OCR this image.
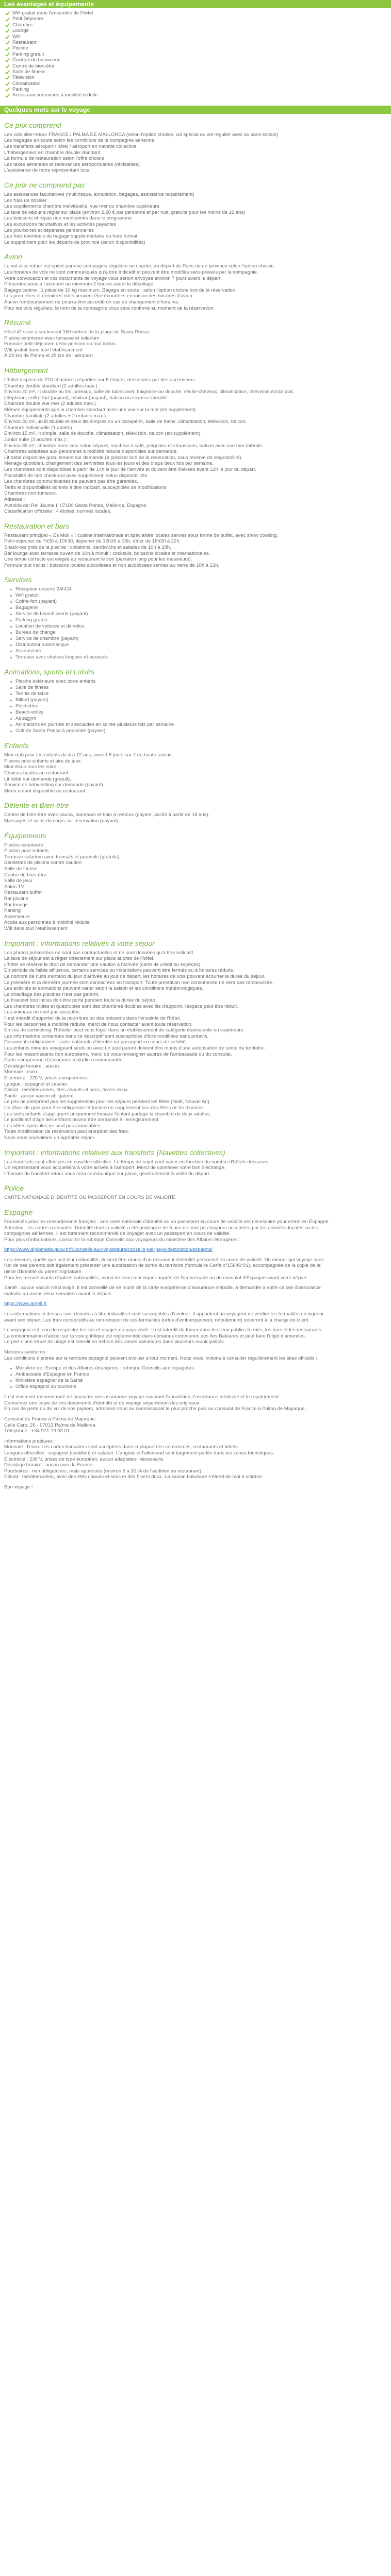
Les avantages et équipements
Wifi gratuit dans l'ensemble de l'hôtel
Petit Déjeuner
Chambre
Lounge
Wifi
Restaurant
Piscine
Parking gratuit
Cocktail de bienvenue
Centre de bien-être
Salle de fitness
Télévision
Climatisation
Parking
Accès aux personnes à mobilité réduite
Quelques mots sur le voyage
Ce prix comprend
Les vols aller-retour FRANCE / PALMA DE MALLORCA (selon l'option choisie, vol spécial ou vol régulier avec ou sans escale)
Les bagages en soute selon les conditions de la compagnie aérienne
Les transferts aéroport / hôtel / aéroport en navette collective
L'hébergement en chambre double standard
La formule de restauration selon l'offre choisie
Les taxes aériennes et redevances aéroportuaires (révisables)
L'assistance de notre représentant local
Ce prix ne comprend pas
Les assurances facultatives (multirisque, annulation, bagages, assistance rapatriement)
Les frais de dossier
Les suppléments chambre individuelle, vue mer ou chambre supérieure
La taxe de séjour à régler sur place (environ 2,20 € par personne et par nuit, gratuite pour les moins de 16 ans)
Les boissons et repas non mentionnés dans le programme
Les excursions facultatives et les activités payantes
Les pourboires et dépenses personnelles
Les frais éventuels de bagage supplémentaire ou hors format
Le supplément pour les départs de province (selon disponibilités)
Avion
Le vol aller-retour est opéré par une compagnie régulière ou charter, au départ de Paris ou de province selon l'option choisie.
Les horaires de vols ne sont communiqués qu'à titre indicatif et peuvent être modifiés sans préavis par la compagnie.
Votre convocation et vos documents de voyage vous seront envoyés environ 7 jours avant le départ.
Présentez-vous à l'aéroport au minimum 2 heures avant le décollage.
Bagage cabine : 1 pièce de 10 kg maximum. Bagage en soute : selon l'option choisie lors de la réservation.
Les premières et dernières nuits peuvent être écourtées en raison des horaires d'avion.
Aucun remboursement ne pourra être accordé en cas de changement d'horaires.
Pour les vols réguliers, le nom de la compagnie vous sera confirmé au moment de la réservation.
Résumé
Hôtel 4* situé à seulement 150 mètres de la plage de Santa Ponsa
Piscine extérieure avec terrasse et solarium
Formule petit-déjeuner, demi-pension ou tout inclus
Wifi gratuit dans tout l'établissement
À 20 km de Palma et 25 km de l'aéroport
Hébergement
L'hôtel dispose de 210 chambres réparties sur 5 étages, desservies par des ascenseurs.
Chambre double standard (2 adultes max.) :
Environ 20 m², lit double ou lits jumeaux, salle de bains avec baignoire ou douche, sèche-cheveux, climatisation, télévision écran plat,
téléphone, coffre-fort (payant), minibar (payant), balcon ou terrasse meublé.
Chambre double vue mer (2 adultes max.) :
Mêmes équipements que la chambre standard avec une vue sur la mer (en supplément).
Chambre familiale (2 adultes + 2 enfants max.) :
Environ 30 m², un lit double et deux lits simples ou un canapé-lit, salle de bains, climatisation, télévision, balcon.
Chambre individuelle (1 adulte) :
Environ 15 m², lit simple, salle de douche, climatisation, télévision, balcon (en supplément).
Junior suite (3 adultes max.) :
Environ 35 m², chambre avec coin salon séparé, machine à café, peignoirs et chaussons, balcon avec vue mer latérale.
Chambres adaptées aux personnes à mobilité réduite disponibles sur demande.
Lit bébé disponible gratuitement sur demande (à préciser lors de la réservation, sous réserve de disponibilité).
Ménage quotidien, changement des serviettes tous les jours et des draps deux fois par semaine.
Les chambres sont disponibles à partir de 14h le jour de l'arrivée et doivent être libérées avant 12h le jour du départ.
Possibilité de late check-out avec supplément, selon disponibilités.
Les chambres communicantes ne peuvent pas être garanties.
Tarifs et disponibilités donnés à titre indicatif, susceptibles de modifications.
Chambres non-fumeurs.
Adresse :
Avenida del Rei Jaume I, 07180 Santa Ponsa, Mallorca, Espagne
Classification officielle : 4 étoiles, normes locales.
Restauration et bars
Restaurant principal « Es Moli » : cuisine internationale et spécialités locales servies sous forme de buffet, avec show cooking.
Petit-déjeuner de 7h30 à 10h30, déjeuner de 12h30 à 15h, dîner de 18h30 à 22h.
Snack-bar près de la piscine : collations, sandwichs et salades de 10h à 18h.
Bar lounge avec terrasse ouvert de 10h à minuit : cocktails, boissons locales et internationales.
Une tenue correcte est exigée au restaurant le soir (pantalon long pour les messieurs).
Formule tout inclus : boissons locales alcoolisées et non alcoolisées servies au verre de 10h à 23h.
Services
Réception ouverte 24h/24
Wifi gratuit
Coffre-fort (payant)
Bagagerie
Service de blanchisserie (payant)
Parking gratuit
Location de voitures et de vélos
Bureau de change
Service de chambre (payant)
Distributeur automatique
Ascenseurs
Terrasse avec chaises longues et parasols
Animations, sports et Loisirs
Piscine extérieure avec zone enfants
Salle de fitness
Tennis de table
Billard (payant)
Fléchettes
Beach-volley
Aquagym
Animations en journée et spectacles en soirée plusieurs fois par semaine
Golf de Santa Ponsa à proximité (payant)
Enfants
Mini-club pour les enfants de 4 à 12 ans, ouvert 6 jours sur 7 en haute saison.
Piscine pour enfants et aire de jeux.
Mini-disco tous les soirs.
Chaises hautes au restaurant.
Lit bébé sur demande (gratuit).
Service de baby-sitting sur demande (payant).
Menu enfant disponible au restaurant.
Détente et Bien-être
Centre de bien-être avec sauna, hammam et bain à remous (payant, accès à partir de 16 ans).
Massages et soins du corps sur réservation (payant).
Équipements
Piscine extérieure
Piscine pour enfants
Terrasse solarium avec transats et parasols (gratuits)
Serviettes de piscine contre caution
Salle de fitness
Centre de bien-être
Salle de jeux
Salon TV
Restaurant buffet
Bar piscine
Bar lounge
Parking
Ascenseurs
Accès aux personnes à mobilité réduite
Wifi dans tout l'établissement
Important : informations relatives à votre séjour
Les photos présentées ne sont pas contractuelles et ne sont données qu'à titre indicatif.
La taxe de séjour est à régler directement sur place auprès de l'hôtel.
L'hôtel se réserve le droit de demander une caution à l'arrivée (carte de crédit ou espèces).
En période de faible affluence, certains services ou installations peuvent être fermés ou à horaires réduits.
Le nombre de nuits s'entend du jour d'arrivée au jour de départ, les horaires de vols pouvant écourter la durée du séjour.
La première et la dernière journée sont consacrées au transport. Toute prestation non consommée ne sera pas remboursée.
Les activités et animations peuvent varier selon la saison et les conditions météorologiques.
Le chauffage des piscines n'est pas garanti.
Le bracelet tout inclus doit être porté pendant toute la durée du séjour.
Les chambres triples et quadruples sont des chambres doubles avec lits d'appoint, l'espace peut être réduit.
Les animaux ne sont pas acceptés.
Il est interdit d'apporter de la nourriture ou des boissons dans l'enceinte de l'hôtel.
Pour les personnes à mobilité réduite, merci de nous contacter avant toute réservation.
En cas de surbooking, l'hôtelier peut vous loger dans un établissement de catégorie équivalente ou supérieure.
Les informations contenues dans ce descriptif sont susceptibles d'être modifiées sans préavis.
Documents obligatoires : carte nationale d'identité ou passeport en cours de validité.
Les enfants mineurs voyageant seuls ou avec un seul parent doivent être munis d'une autorisation de sortie du territoire.
Pour les ressortissants non européens, merci de vous renseigner auprès de l'ambassade ou du consulat.
Carte européenne d'assurance maladie recommandée.
Décalage horaire : aucun.
Monnaie : euro.
Électricité : 220 V, prises européennes.
Langue : espagnol et catalan.
Climat : méditerranéen, étés chauds et secs, hivers doux.
Santé : aucun vaccin obligatoire.
Le prix ne comprend pas les suppléments pour les séjours pendant les fêtes (Noël, Nouvel An).
Un dîner de gala peut être obligatoire et facturé en supplément lors des fêtes de fin d'année.
Les tarifs enfants s'appliquent uniquement lorsque l'enfant partage la chambre de deux adultes.
Le justificatif d'âge des enfants pourra être demandé à l'enregistrement.
Les offres spéciales ne sont pas cumulables.
Toute modification de réservation peut entraîner des frais.
Nous vous souhaitons un agréable séjour.
Important : informations relatives aux transferts (Navettes collectives)
Les transferts sont effectués en navette collective. Le temps de trajet peut varier en fonction du nombre d'hôtels desservis.
Un représentant vous accueillera à votre arrivée à l'aéroport. Merci de conserver votre bon d'échange.
L'horaire du transfert retour vous sera communiqué sur place, généralement la veille du départ.
Police
CARTE NATIONALE D'IDENTITÉ OU PASSEPORT EN COURS DE VALIDITÉ
Espagne
Formalités pour les ressortissants français : une carte nationale d'identité ou un passeport en cours de validité est nécessaire pour entrer en Espagne.
Attention : les cartes nationales d'identité dont la validité a été prolongée de 5 ans ne sont pas toujours acceptées par les autorités locales ou les
compagnies aériennes. Il est fortement recommandé de voyager avec un passeport en cours de validité.
Pour plus d'informations, consultez la rubrique Conseils aux voyageurs du ministère des Affaires étrangères :
https://www.diplomatie.gouv.fr/fr/conseils-aux-voyageurs/conseils-par-pays-destination/espagne/
Les mineurs, quelle que soit leur nationalité, doivent être munis d'un document d'identité personnel en cours de validité. Un mineur qui voyage sans
l'un de ses parents doit également présenter une autorisation de sortie du territoire (formulaire Cerfa n°15646*01), accompagnée de la copie de la
pièce d'identité du parent signataire.
Pour les ressortissants d'autres nationalités, merci de vous renseigner auprès de l'ambassade ou du consulat d'Espagne avant votre départ.
Santé : aucun vaccin n'est exigé. Il est conseillé de se munir de la carte européenne d'assurance maladie, à demander à votre caisse d'assurance
maladie au moins deux semaines avant le départ.
https://www.ameli.fr
Les informations ci-dessus sont données à titre indicatif et sont susceptibles d'évoluer. Il appartient au voyageur de vérifier les formalités en vigueur
avant son départ. Les frais consécutifs au non-respect de ces formalités (refus d'embarquement, refoulement) resteront à la charge du client.
Le voyageur est tenu de respecter les lois et usages du pays visité. Il est interdit de fumer dans les lieux publics fermés, les bars et les restaurants.
La consommation d'alcool sur la voie publique est réglementée dans certaines communes des îles Baléares et peut faire l'objet d'amendes.
Le port d'une tenue de plage est interdit en dehors des zones balnéaires dans plusieurs municipalités.
Mesures sanitaires :
Les conditions d'entrée sur le territoire espagnol peuvent évoluer à tout moment. Nous vous invitons à consulter régulièrement les sites officiels :
Ministère de l'Europe et des Affaires étrangères : rubrique Conseils aux voyageurs
Ambassade d'Espagne en France
Ministère espagnol de la Santé
Office espagnol du tourisme
Il est vivement recommandé de souscrire une assurance voyage couvrant l'annulation, l'assistance médicale et le rapatriement.
Conservez une copie de vos documents d'identité et de voyage séparément des originaux.
En cas de perte ou de vol de vos papiers, adressez-vous au commissariat le plus proche puis au consulat de France à Palma de Majorque.
Consulat de France à Palma de Majorque
Calle Caro, 26 - 07013 Palma de Mallorca
Téléphone : +34 971 73 03 01
Informations pratiques :
Monnaie : l'euro. Les cartes bancaires sont acceptées dans la plupart des commerces, restaurants et hôtels.
Langues officielles : espagnol (castillan) et catalan. L'anglais et l'allemand sont largement parlés dans les zones touristiques.
Électricité : 230 V, prises de type européen, aucun adaptateur nécessaire.
Décalage horaire : aucun avec la France.
Pourboires : non obligatoires, mais appréciés (environ 5 à 10 % de l'addition au restaurant).
Climat : méditerranéen, avec des étés chauds et secs et des hivers doux. La saison balnéaire s'étend de mai à octobre.
Bon voyage !
